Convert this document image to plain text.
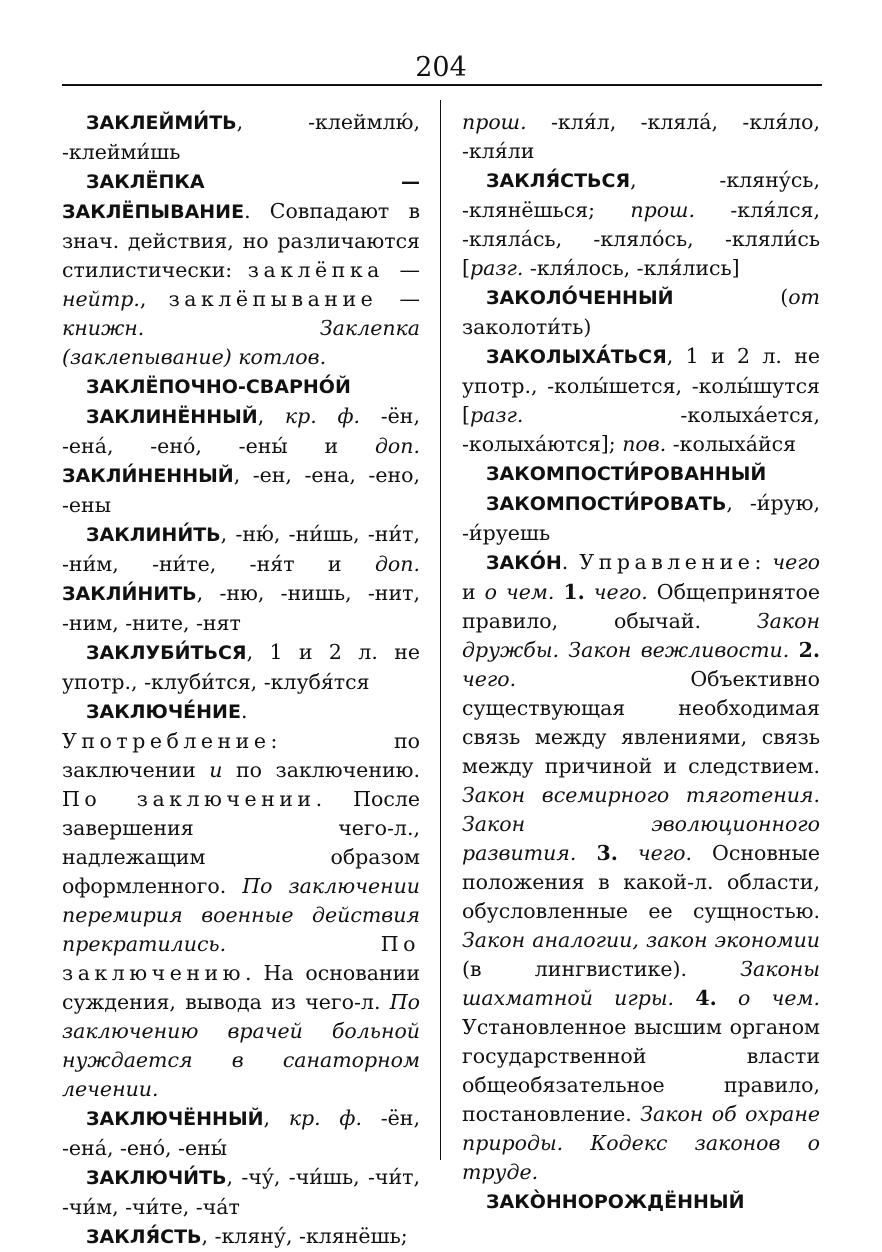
204

ЗАКЛЕЙМИ́ТЬ, -клеймлю́, -клейми́шь

ЗАКЛЁПКА — ЗАКЛЁПЫВАНИЕ. Совпадают в знач. действия, но различаются стилистически: заклёпка — нейтр., заклёпывание — книжн. Заклепка (заклепывание) котлов.

ЗАКЛЁПОЧНО-СВАРНО́Й

ЗАКЛИНЁННЫЙ, кр. ф. -ён, -ена́, -ено́, -ены́ и доп. ЗАКЛИ́НЕННЫЙ, -ен, -ена, -ено, -ены

ЗАКЛИНИ́ТЬ, -ню́, -ни́шь, -ни́т, -ни́м, -ни́те, -ня́т и доп. ЗАКЛИ́НИТЬ, -ню, -нишь, -нит, -ним, -ните, -нят

ЗАКЛУБИ́ТЬСЯ, 1 и 2 л. не употр., -клуби́тся, -клубя́тся

ЗАКЛЮЧЕ́НИЕ. Употребление: по заключении и по заключению. По заключении. После завершения чего-л., надлежащим образом оформленного. По заключении перемирия военные действия прекратились.	По заключению. На основании суждения, вывода из чего-л. По заключению врачей больной нуждается в санаторном лечении.

ЗАКЛЮЧЁННЫЙ, кр. ф. -ён, -ена́, -ено́, -ены́

ЗАКЛЮЧИ́ТЬ, -чу́, -чи́шь, -чи́т, -чи́м, -чи́те, -ча́т

ЗАКЛЯ́СТЬ, -кляну́, -клянёшь;

прош. -кля́л, -кляла́, -кля́ло, -кля́ли

ЗАКЛЯ́СТЬСЯ, -кляну́сь, -клянёшься; прош. -кля́лся, -кляла́сь, -кляло́сь, -кляли́сь [разг. -кля́лось, -кля́лись]

ЗАКОЛО́ЧЕННЫЙ (от заколоти́ть)

ЗАКОЛЫХА́ТЬСЯ, 1 и 2 л. не употр., -колы́шется, -колы́шутся [разг. -колыха́ется, -колыха́ются]; пов. -колыха́йся

ЗАКОМПОСТИ́РОВАННЫЙ

ЗАКОМПОСТИ́РОВАТЬ, -и́рую, -и́руешь

ЗАКО́Н. Управление: чего и о чем. 1. чего. Общепринятое правило, обычай. Закон дружбы. Закон вежливости. 2. чего. Объективно существующая необходимая связь между явлениями, связь между причиной и следствием. Закон всемирного тяготения. Закон эволюционного развития. 3. чего. Основные положения в какой-л. области, обусловленные ее сущностью. Закон аналогии, закон экономии (в лингвистике). Законы шахматной игры. 4. о чем. Установленное высшим органом государственной власти общеобязательное правило, постановление. Закон об охране природы. Кодекс законов о труде.

ЗАКО̀ННОРОЖДЁННЫЙ
